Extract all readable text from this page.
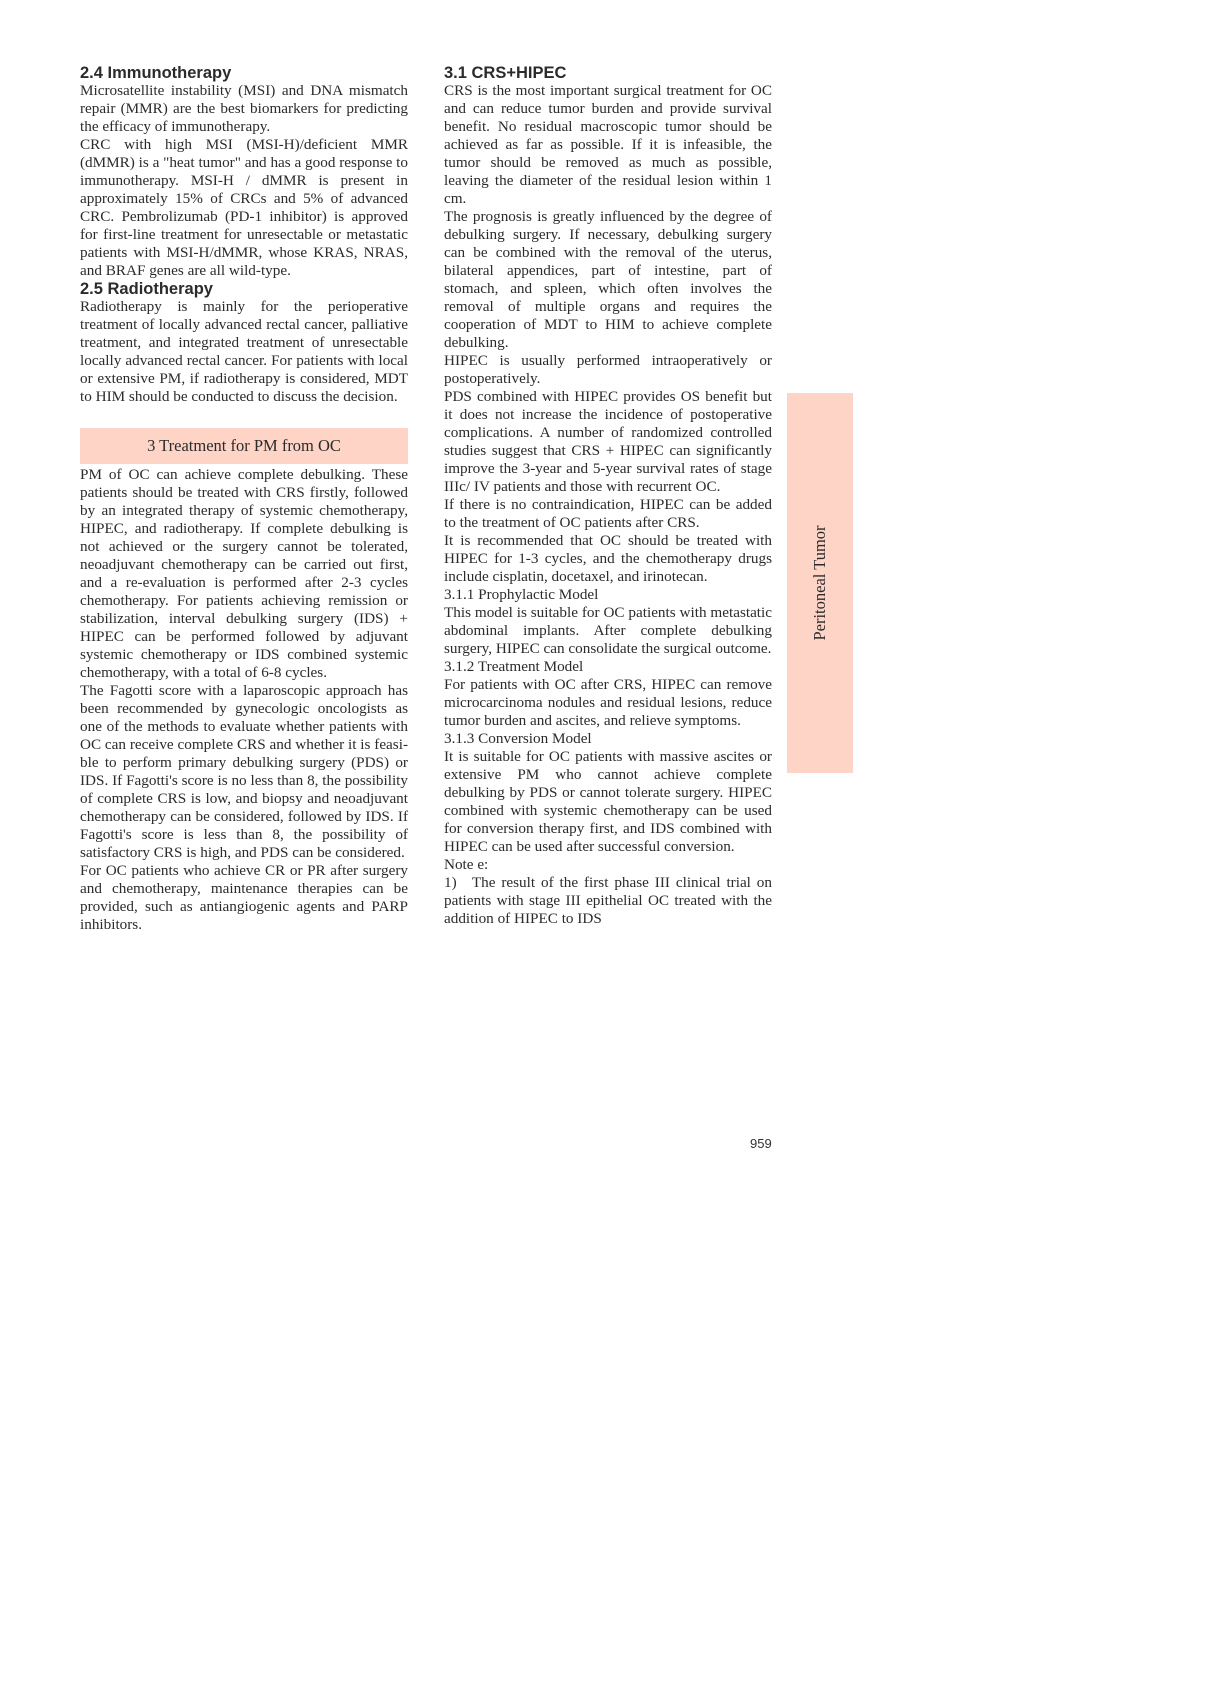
2.4 Immunotherapy

Microsatellite instability (MSI) and DNA mismatch repair (MMR) are the best biomarkers for predicting the efficacy of immunotherapy.

CRC with high MSI (MSI-H)/deficient MMR (dMMR) is a "heat tumor" and has a good response to immunotherapy. MSI-H / dMMR is present in approximately 15% of CRCs and 5% of advanced CRC. Pembrolizumab (PD-1 inhibitor) is approved for first-line treatment for unresectable or metastatic patients with MSI-H/dMMR, whose KRAS, NRAS, and BRAF genes are all wild-type.

2.5 Radiotherapy

Radiotherapy is mainly for the perioperative treatment of locally advanced rectal cancer, palliative treatment, and integrated treatment of unresectable locally advanced rectal cancer. For patients with local or extensive PM, if radiotherapy is considered, MDT to HIM should be conducted to discuss the decision.

3 Treatment for PM from OC

PM of OC can achieve complete debulking. These patients should be treated with CRS firstly, followed by an integrated therapy of systemic chemotherapy, HIPEC, and radiotherapy. If complete debulking is not achieved or the surgery cannot be tolerated, neoadjuvant chemotherapy can be carried out first, and a re-evaluation is performed after 2-3 cycles chemotherapy. For patients achieving remission or stabilization, interval debulking surgery (IDS) + HIPEC can be performed followed by adjuvant systemic chemotherapy or IDS combined systemic chemotherapy, with a total of 6-8 cycles.

The Fagotti score with a laparoscopic approach has been recommended by gynecologic oncologists as one of the methods to evaluate whether patients with OC can receive complete CRS and whether it is feasible to perform primary debulking surgery (PDS) or IDS. If Fagotti's score is no less than 8, the possibility of complete CRS is low, and biopsy and neoadjuvant chemotherapy can be considered, followed by IDS. If Fagotti's score is less than 8, the possibility of satisfactory CRS is high, and PDS can be considered.

For OC patients who achieve CR or PR after surgery and chemotherapy, maintenance therapies can be provided, such as antiangiogenic agents and PARP inhibitors.

3.1 CRS+HIPEC

CRS is the most important surgical treatment for OC and can reduce tumor burden and provide survival benefit. No residual macroscopic tumor should be achieved as far as possible. If it is infeasible, the tumor should be removed as much as possible, leaving the diameter of the residual lesion within 1 cm.

The prognosis is greatly influenced by the degree of debulking surgery. If necessary, debulking surgery can be combined with the removal of the uterus, bilateral appendices, part of intestine, part of stomach, and spleen, which often involves the removal of multiple organs and requires the cooperation of MDT to HIM to achieve complete debulking.

HIPEC is usually performed intraoperatively or postoperatively.

PDS combined with HIPEC provides OS benefit but it does not increase the incidence of postoperative complications. A number of randomized controlled studies suggest that CRS + HIPEC can significantly improve the 3-year and 5-year survival rates of stage IIIc/ IV patients and those with recurrent OC.

If there is no contraindication, HIPEC can be added to the treatment of OC patients after CRS.

It is recommended that OC should be treated with HIPEC for 1-3 cycles, and the chemotherapy drugs include cisplatin, docetaxel, and irinotecan.

3.1.1 Prophylactic Model

This model is suitable for OC patients with metastatic abdominal implants. After complete debulking surgery, HIPEC can consolidate the surgical outcome.

3.1.2 Treatment Model

For patients with OC after CRS, HIPEC can remove microcarcinoma nodules and residual lesions, reduce tumor burden and ascites, and relieve symptoms.

3.1.3 Conversion Model

It is suitable for OC patients with massive ascites or extensive PM who cannot achieve complete debulking by PDS or cannot tolerate surgery. HIPEC combined with systemic chemotherapy can be used for conversion therapy first, and IDS combined with HIPEC can be used after successful conversion.

Note e:

1) The result of the first phase III clinical trial on patients with stage III epithelial OC treated with the addition of HIPEC to IDS

Peritoneal Tumor
959
